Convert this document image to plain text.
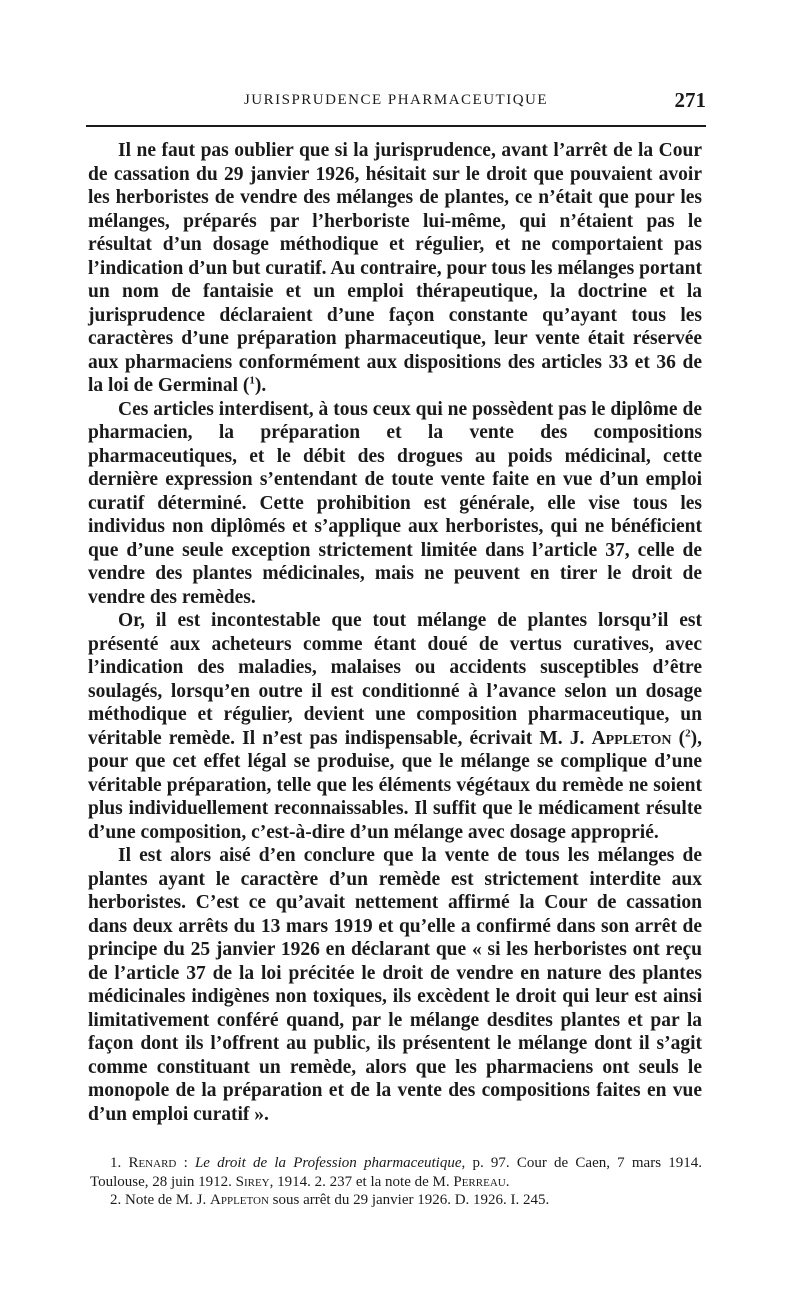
JURISPRUDENCE PHARMACEUTIQUE	271

Il ne faut pas oublier que si la jurisprudence, avant l’arrêt de la Cour de cassation du 29 janvier 1926, hésitait sur le droit que pouvaient avoir les herboristes de vendre des mélanges de plantes, ce n’était que pour les mélanges, préparés par l’herboriste lui-même, qui n’étaient pas le résultat d’un dosage méthodique et régulier, et ne comportaient pas l’indication d’un but curatif. Au contraire, pour tous les mélanges portant un nom de fantaisie et un emploi thérapeutique, la doctrine et la jurisprudence déclaraient d’une façon constante qu’ayant tous les caractères d’une préparation pharmaceutique, leur vente était réservée aux pharmaciens conformément aux dispositions des articles 33 et 36 de la loi de Germinal ($^1$).

Ces articles interdisent, à tous ceux qui ne possèdent pas le diplôme de pharmacien, la préparation et la vente des compositions pharmaceutiques, et le débit des drogues au poids médicinal, cette dernière expression s’entendant de toute vente faite en vue d’un emploi curatif déterminé. Cette prohibition est générale, elle vise tous les individus non diplômés et s’applique aux herboristes, qui ne bénéficient que d’une seule exception strictement limitée dans l’article 37, celle de vendre des plantes médicinales, mais ne peuvent en tirer le droit de vendre des remèdes.

Or, il est incontestable que tout mélange de plantes lorsqu’il est présenté aux acheteurs comme étant doué de vertus curatives, avec l’indication des maladies, malaises ou accidents susceptibles d’être soulagés, lorsqu’en outre il est conditionné à l’avance selon un dosage méthodique et régulier, devient une composition pharmaceutique, un véritable remède. Il n’est pas indispensable, écrivait M. J. Appleton ($^2$), pour que cet effet légal se produise, que le mélange se complique d’une véritable préparation, telle que les éléments végétaux du remède ne soient plus individuellement reconnaissables. Il suffit que le médicament résulte d’une composition, c’est-à-dire d’un mélange avec dosage approprié.

Il est alors aisé d’en conclure que la vente de tous les mélanges de plantes ayant le caractère d’un remède est strictement interdite aux herboristes. C’est ce qu’avait nettement affirmé la Cour de cassation dans deux arrêts du 13 mars 1919 et qu’elle a confirmé dans son arrêt de principe du 25 janvier 1926 en déclarant que « si les herboristes ont reçu de l’article 37 de la loi précitée le droit de vendre en nature des plantes médicinales indigènes non toxiques, ils excèdent le droit qui leur est ainsi limitativement conféré quand, par le mélange desdites plantes et par la façon dont ils l’offrent au public, ils présentent le mélange dont il s’agit comme constituant un remède, alors que les pharmaciens ont seuls le monopole de la préparation et de la vente des compositions faites en vue d’un emploi curatif ».

1. Renard : Le droit de la Profession pharmaceutique, p. 97. Cour de Caen, 7 mars 1914. Toulouse, 28 juin 1912. Sirey, 1914. 2. 237 et la note de M. Perreau.

2. Note de M. J. Appleton sous arrêt du 29 janvier 1926. D. 1926. I. 245.
